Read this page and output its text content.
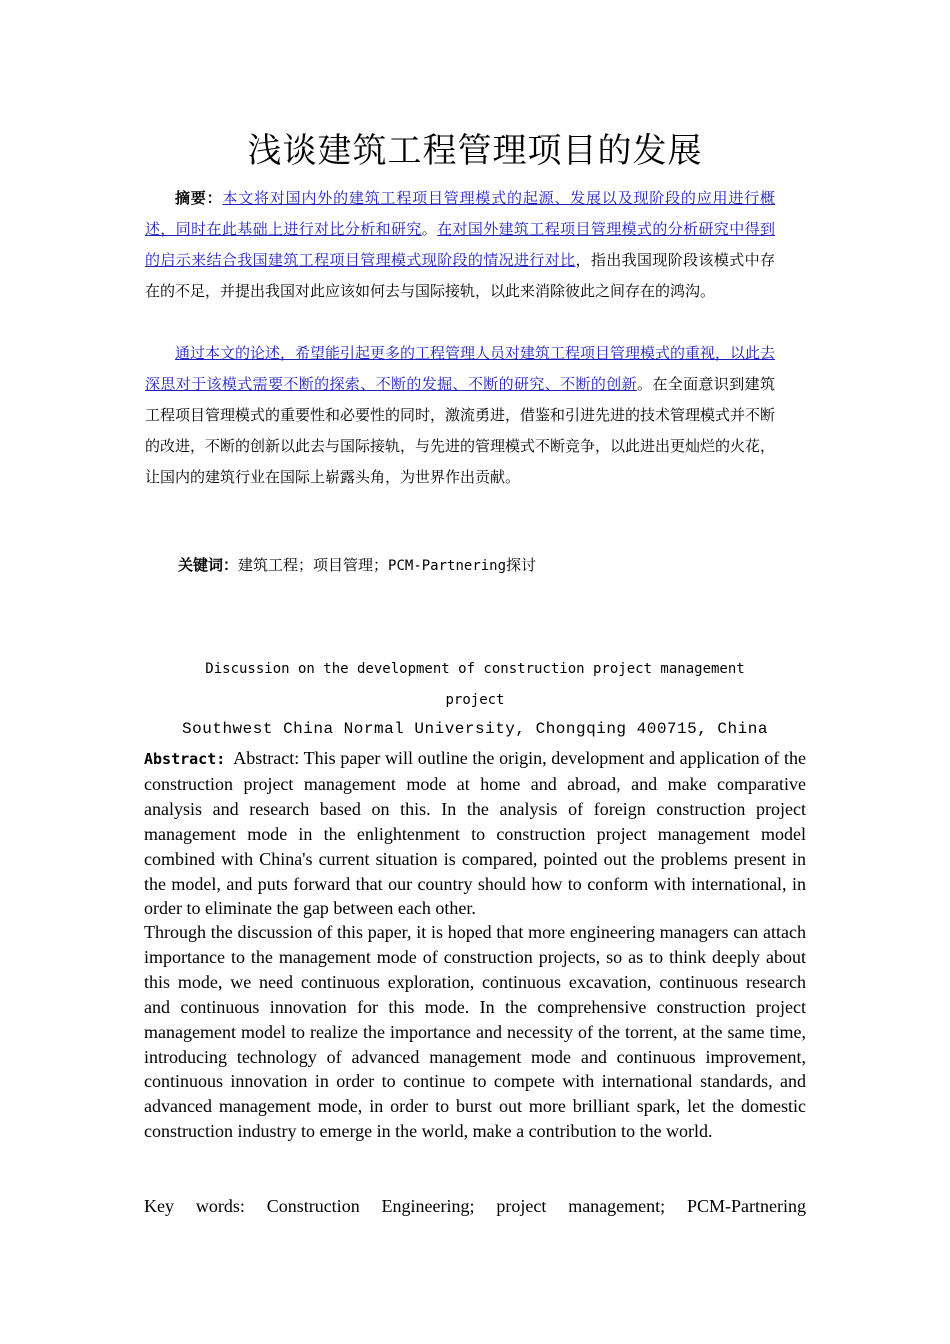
浅谈建筑工程管理项目的发展

摘要：本文将对国内外的建筑工程项目管理模式的起源、发展以及现阶段的应用进行概述，同时在此基础上进行对比分析和研究。在对国外建筑工程项目管理模式的分析研究中得到的启示来结合我国建筑工程项目管理模式现阶段的情况进行对比，指出我国现阶段该模式中存在的不足，并提出我国对此应该如何去与国际接轨，以此来消除彼此之间存在的鸿沟。

通过本文的论述，希望能引起更多的工程管理人员对建筑工程项目管理模式的重视，以此去深思对于该模式需要不断的探索、不断的发掘、不断的研究、不断的创新。在全面意识到建筑工程项目管理模式的重要性和必要性的同时，激流勇进，借鉴和引进先进的技术管理模式并不断的改进，不断的创新以此去与国际接轨，与先进的管理模式不断竞争，以此进出更灿烂的火花，让国内的建筑行业在国际上崭露头角，为世界作出贡献。

关键词：建筑工程；项目管理；PCM-Partnering探讨
Discussion on the development of construction project management
project
Southwest China Normal University, Chongqing 400715, China

Abstract: Abstract: This paper will outline the origin, development and application of the construction project management mode at home and abroad, and make comparative analysis and research based on this. In the analysis of foreign construction project management mode in the enlightenment to construction project management model combined with China's current situation is compared, pointed out the problems present in the model, and puts forward that our country should how to conform with international, in order to eliminate the gap between each other.

Through the discussion of this paper, it is hoped that more engineering managers can attach importance to the management mode of construction projects, so as to think deeply about this mode, we need continuous exploration, continuous excavation, continuous research and continuous innovation for this mode. In the comprehensive construction project management model to realize the importance and necessity of the torrent, at the same time, introducing technology of advanced management mode and continuous improvement, continuous innovation in order to continue to compete with international standards, and advanced management mode, in order to burst out more brilliant spark, let the domestic construction industry to emerge in the world, make a contribution to the world.

Key words: Construction Engineering; project management; PCM-Partnering
